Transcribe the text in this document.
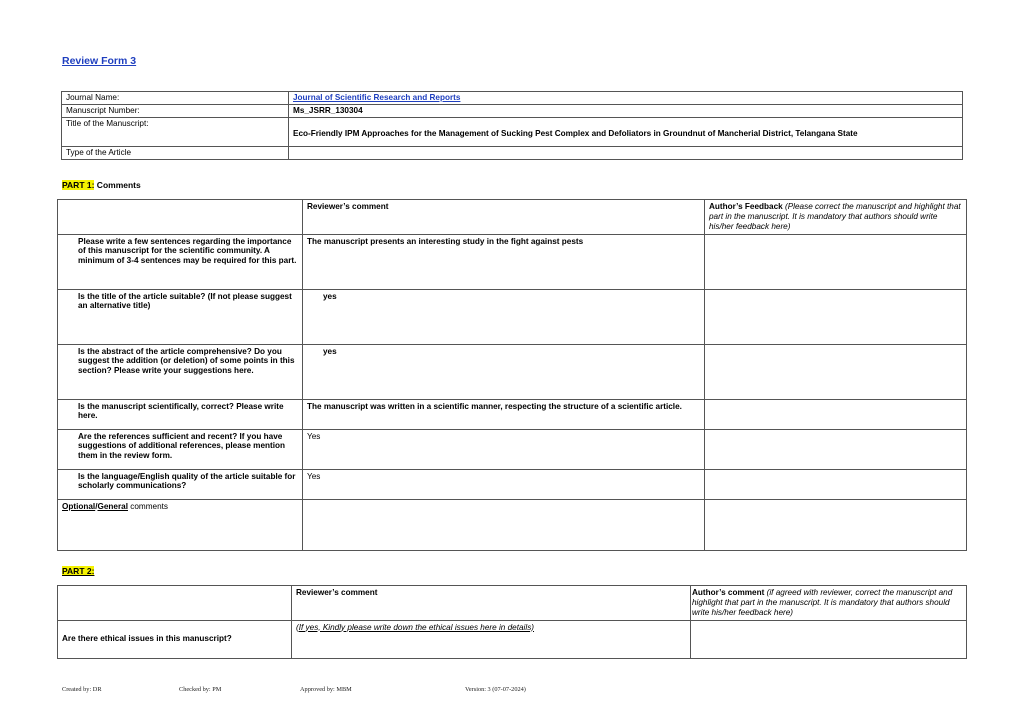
Review Form 3
Journal Name:	Journal of Scientific Research and Reports
Manuscript Number:	Ms_JSRR_130304
Title of the Manuscript:	Eco-Friendly IPM Approaches for the Management of Sucking Pest Complex and Defoliators in Groundnut of Mancherial District, Telangana State
Type of the Article	
PART 1: Comments
	Reviewer’s comment	Author’s Feedback (Please correct the manuscript and highlight that part in the manuscript. It is mandatory that authors should write his/her feedback here)
Please write a few sentences regarding the importance of this manuscript for the scientific community. A minimum of 3-4 sentences may be required for this part.	The manuscript presents an interesting study in the fight against pests	
Is the title of the article suitable? (If not please suggest an alternative title)	yes	
Is the abstract of the article comprehensive? Do you suggest the addition (or deletion) of some points in this section? Please write your suggestions here.	yes	
Is the manuscript scientifically, correct? Please write here.	The manuscript was written in a scientific manner, respecting the structure of a scientific article.	
Are the references sufficient and recent? If you have suggestions of additional references, please mention them in the review form.	Yes	
Is the language/English quality of the article suitable for scholarly communications?	Yes	
Optional/General comments		
PART 2:
	Reviewer’s comment	Author’s comment (if agreed with reviewer, correct the manuscript and highlight that part in the manuscript. It is mandatory that authors should write his/her feedback here)
Are there ethical issues in this manuscript?	(If yes, Kindly please write down the ethical issues here in details)	
Created by: DR	Checked by: PM	Approved by: MBM	Version: 3 (07-07-2024)
